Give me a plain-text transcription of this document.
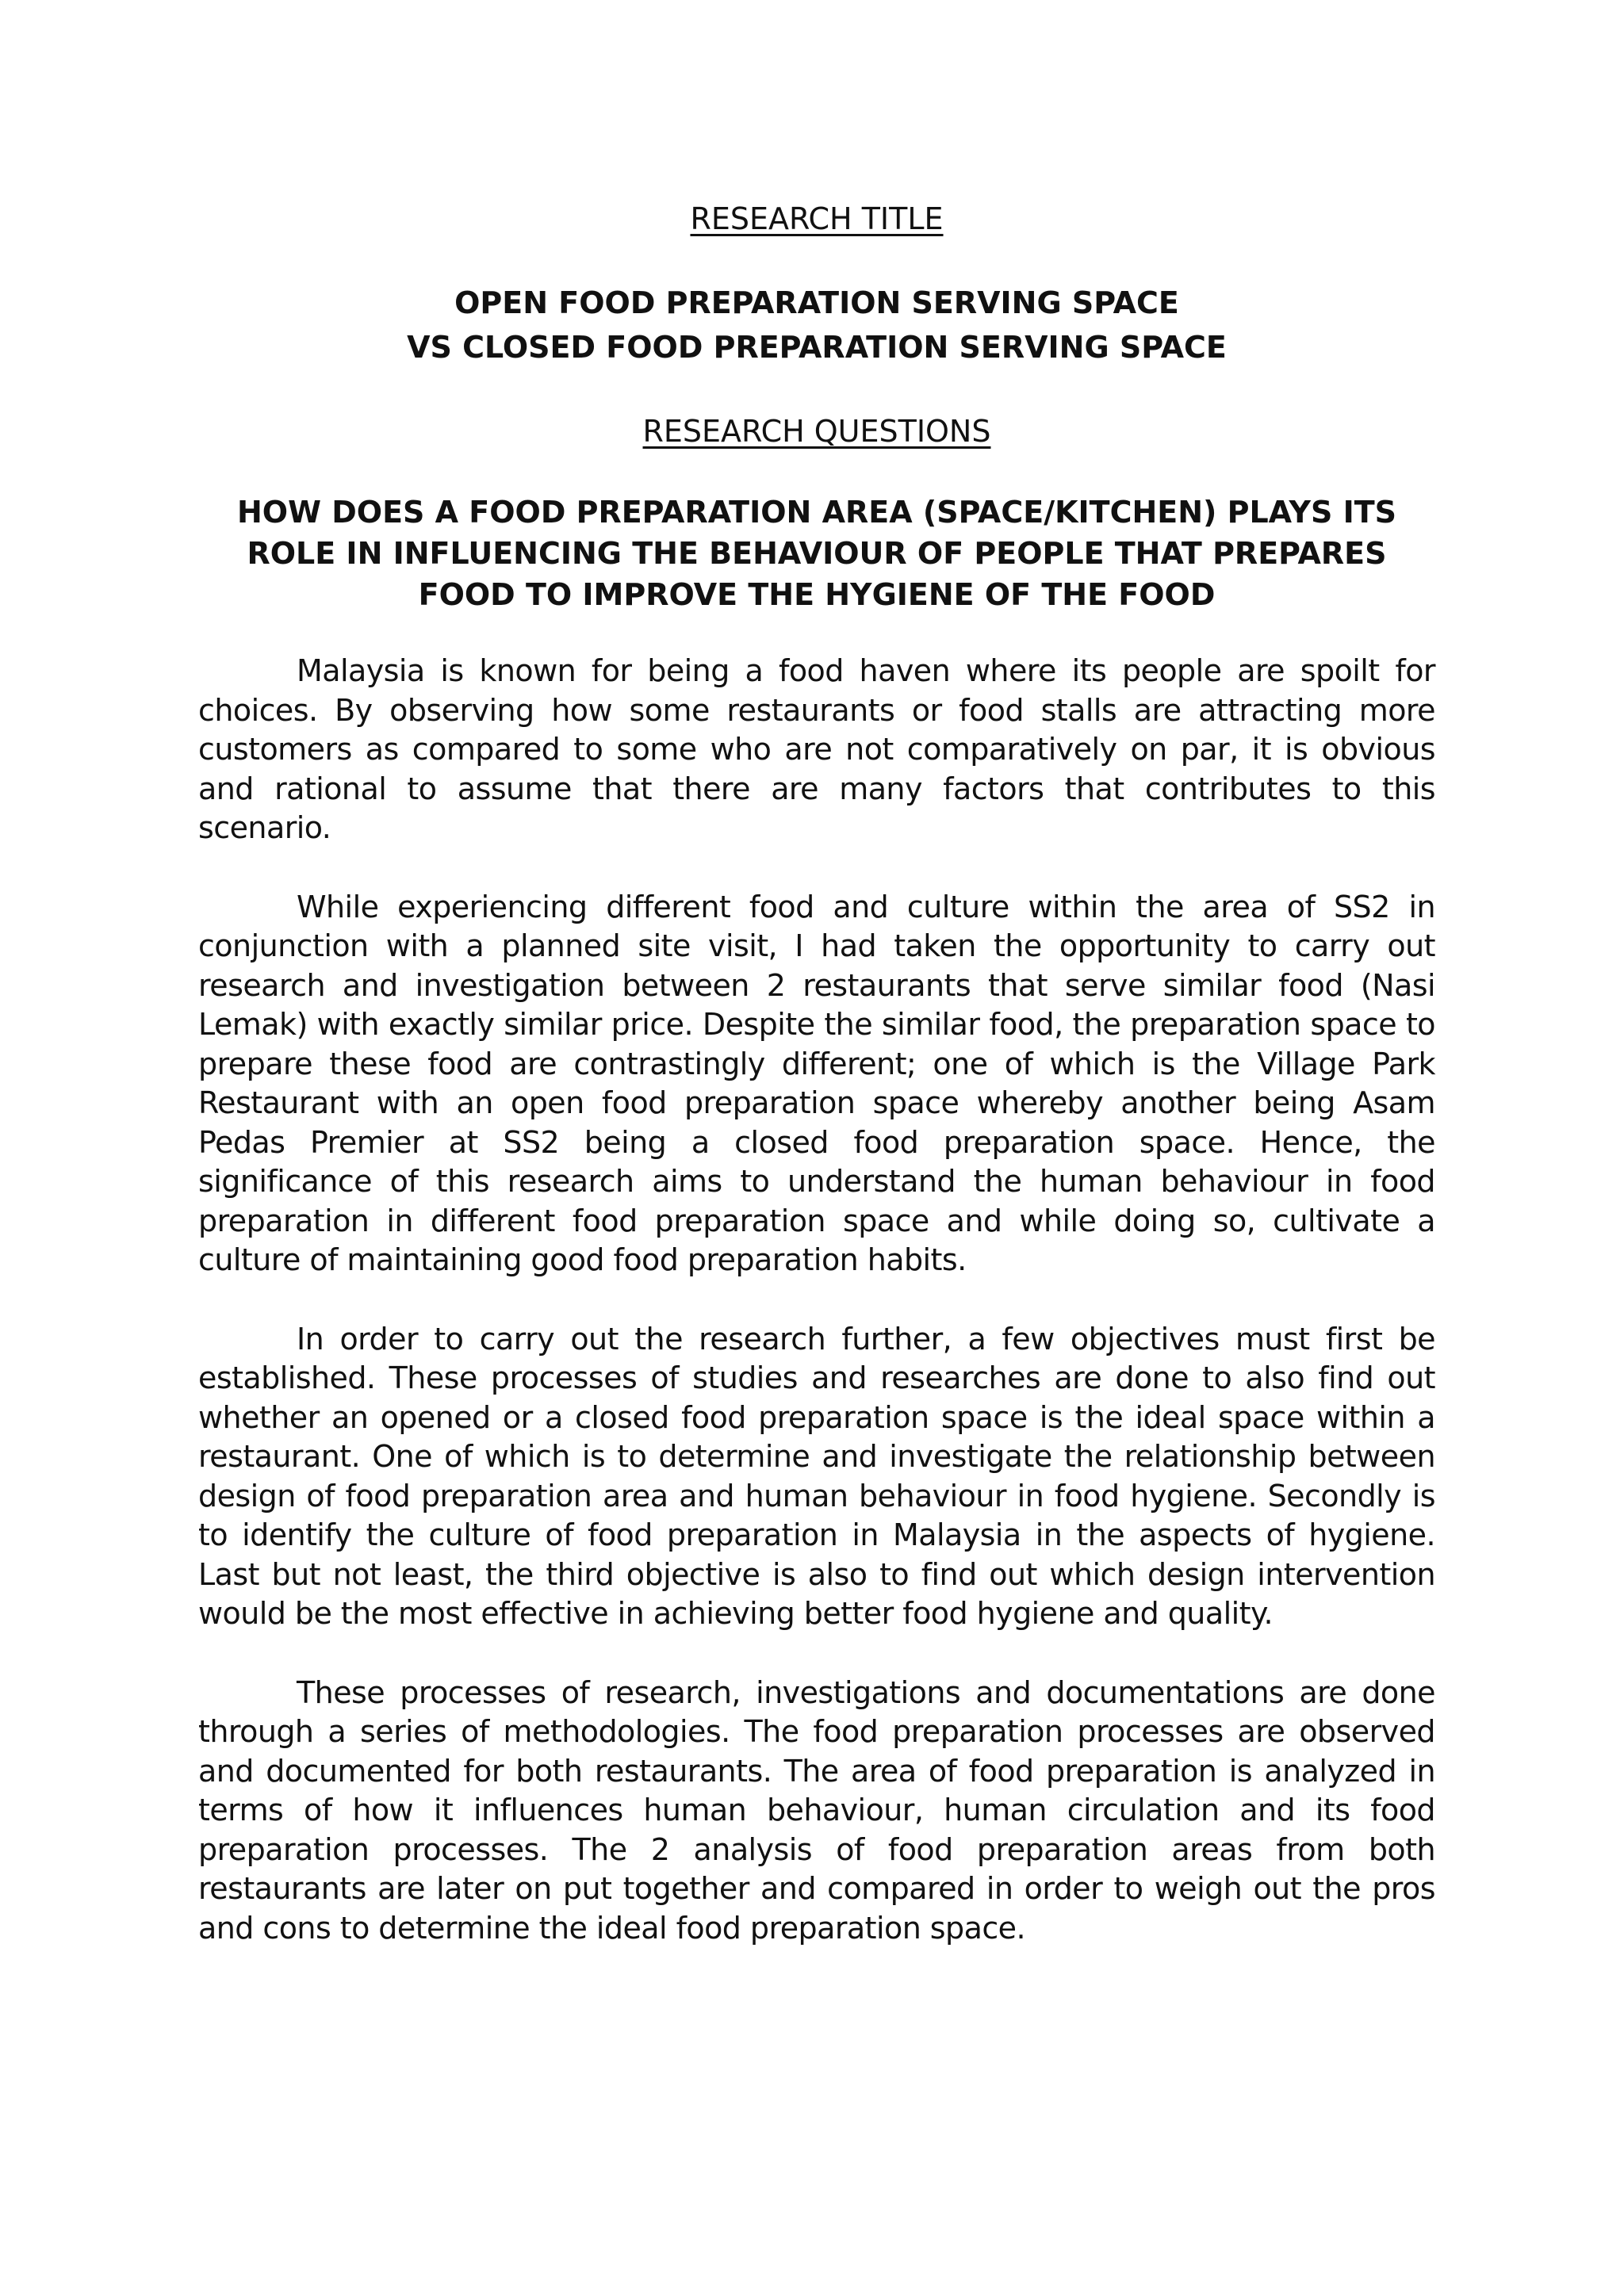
RESEARCH TITLE
OPEN FOOD PREPARATION SERVING SPACE
VS CLOSED FOOD PREPARATION SERVING SPACE
RESEARCH QUESTIONS

HOW DOES A FOOD PREPARATION AREA (SPACE/KITCHEN) PLAYS ITS ROLE IN INFLUENCING THE BEHAVIOUR OF PEOPLE THAT PREPARES FOOD TO IMPROVE THE HYGIENE OF THE FOOD

Malaysia is known for being a food haven where its people are spoilt for choices. By observing how some restaurants or food stalls are attracting more customers as compared to some who are not comparatively on par, it is obvious and rational to assume that there are many factors that contributes to this scenario.

While experiencing different food and culture within the area of SS2 in conjunction with a planned site visit, I had taken the opportunity to carry out research and investigation between 2 restaurants that serve similar food (Nasi Lemak) with exactly similar price. Despite the similar food, the preparation space to prepare these food are contrastingly different; one of which is the Village Park Restaurant with an open food preparation space whereby another being Asam Pedas Premier at SS2 being a closed food preparation space. Hence, the significance of this research aims to understand the human behaviour in food preparation in different food preparation space and while doing so, cultivate a culture of maintaining good food preparation habits.

In order to carry out the research further, a few objectives must first be established. These processes of studies and researches are done to also find out whether an opened or a closed food preparation space is the ideal space within a restaurant. One of which is to determine and investigate the relationship between design of food preparation area and human behaviour in food hygiene. Secondly is to identify the culture of food preparation in Malaysia in the aspects of hygiene. Last but not least, the third objective is also to find out which design intervention would be the most effective in achieving better food hygiene and quality.

These processes of research, investigations and documentations are done through a series of methodologies. The food preparation processes are observed and documented for both restaurants. The area of food preparation is analyzed in terms of how it influences human behaviour, human circulation and its food preparation processes. The 2 analysis of food preparation areas from both restaurants are later on put together and compared in order to weigh out the pros and cons to determine the ideal food preparation space.
